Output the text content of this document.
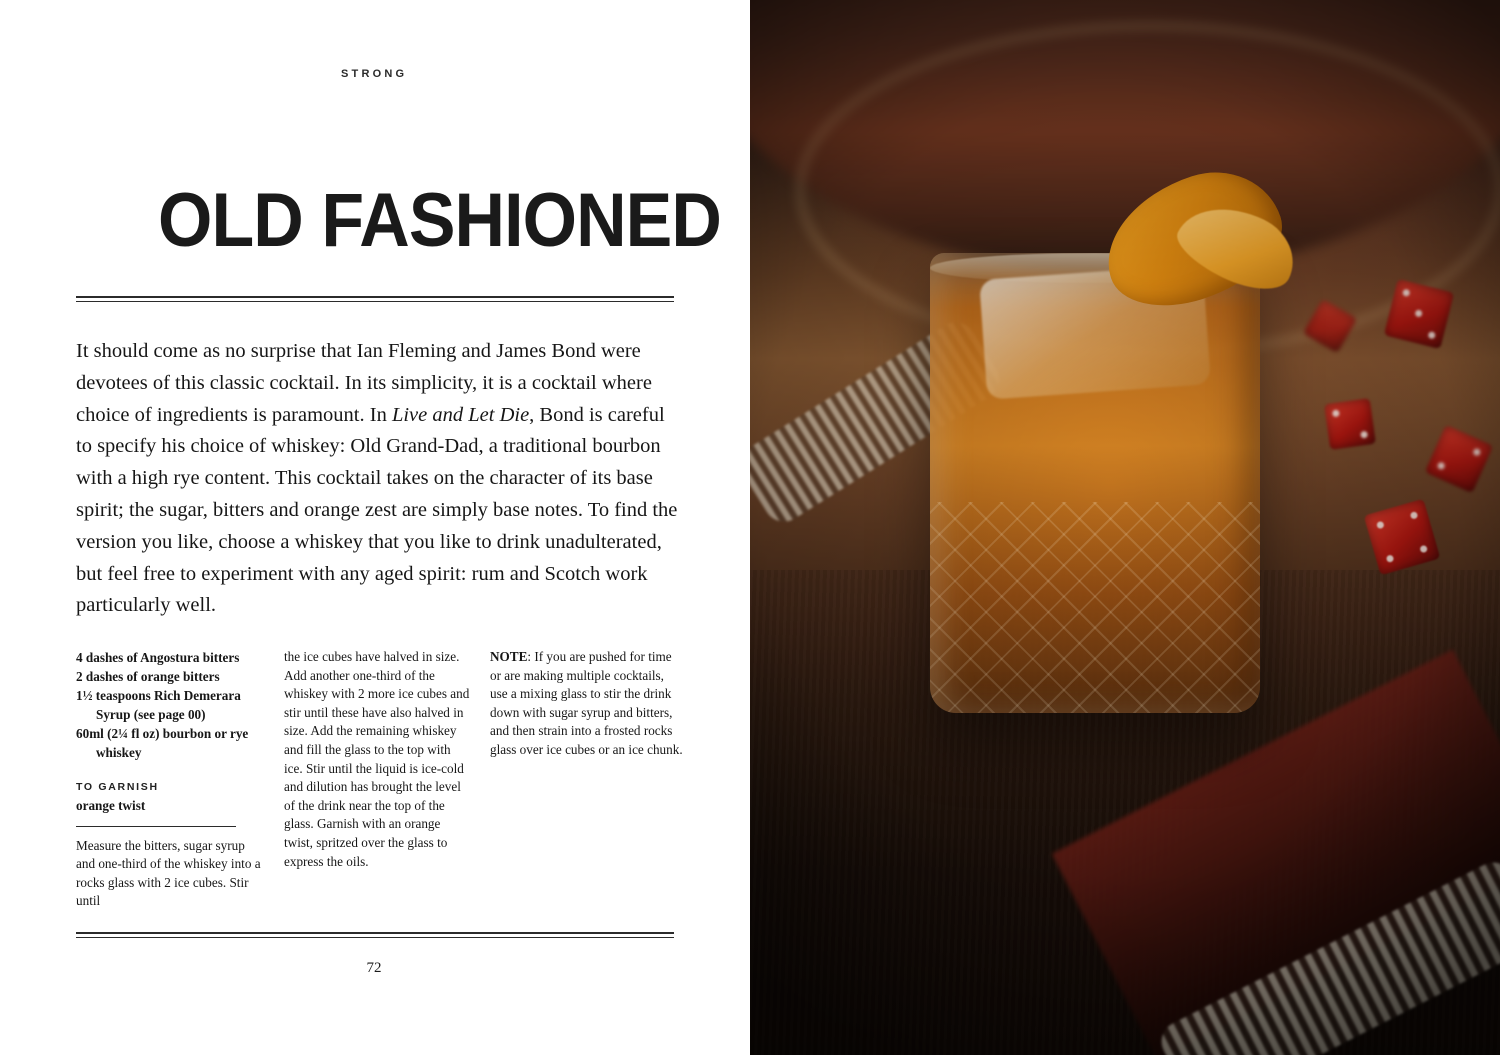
STRONG
OLD FASHIONED
It should come as no surprise that Ian Fleming and James Bond were devotees of this classic cocktail. In its simplicity, it is a cocktail where choice of ingredients is paramount. In Live and Let Die, Bond is careful to specify his choice of whiskey: Old Grand-Dad, a traditional bourbon with a high rye content. This cocktail takes on the character of its base spirit; the sugar, bitters and orange zest are simply base notes. To find the version you like, choose a whiskey that you like to drink unadulterated, but feel free to experiment with any aged spirit: rum and Scotch work particularly well.
4 dashes of Angostura bitters
2 dashes of orange bitters
1½ teaspoons Rich Demerara
Syrup (see page 00)
60ml (2¼ fl oz) bourbon or rye
whiskey
TO GARNISH
orange twist
Measure the bitters, sugar syrup and one-third of the whiskey into a rocks glass with 2 ice cubes. Stir until
the ice cubes have halved in size. Add another one-third of the whiskey with 2 more ice cubes and stir until these have also halved in size. Add the remaining whiskey and fill the glass to the top with ice. Stir until the liquid is ice-cold and dilution has brought the level of the drink near the top of the glass. Garnish with an orange twist, spritzed over the glass to express the oils.
NOTE: If you are pushed for time or are making multiple cocktails, use a mixing glass to stir the drink down with sugar syrup and bitters, and then strain into a frosted rocks glass over ice cubes or an ice chunk.
72
